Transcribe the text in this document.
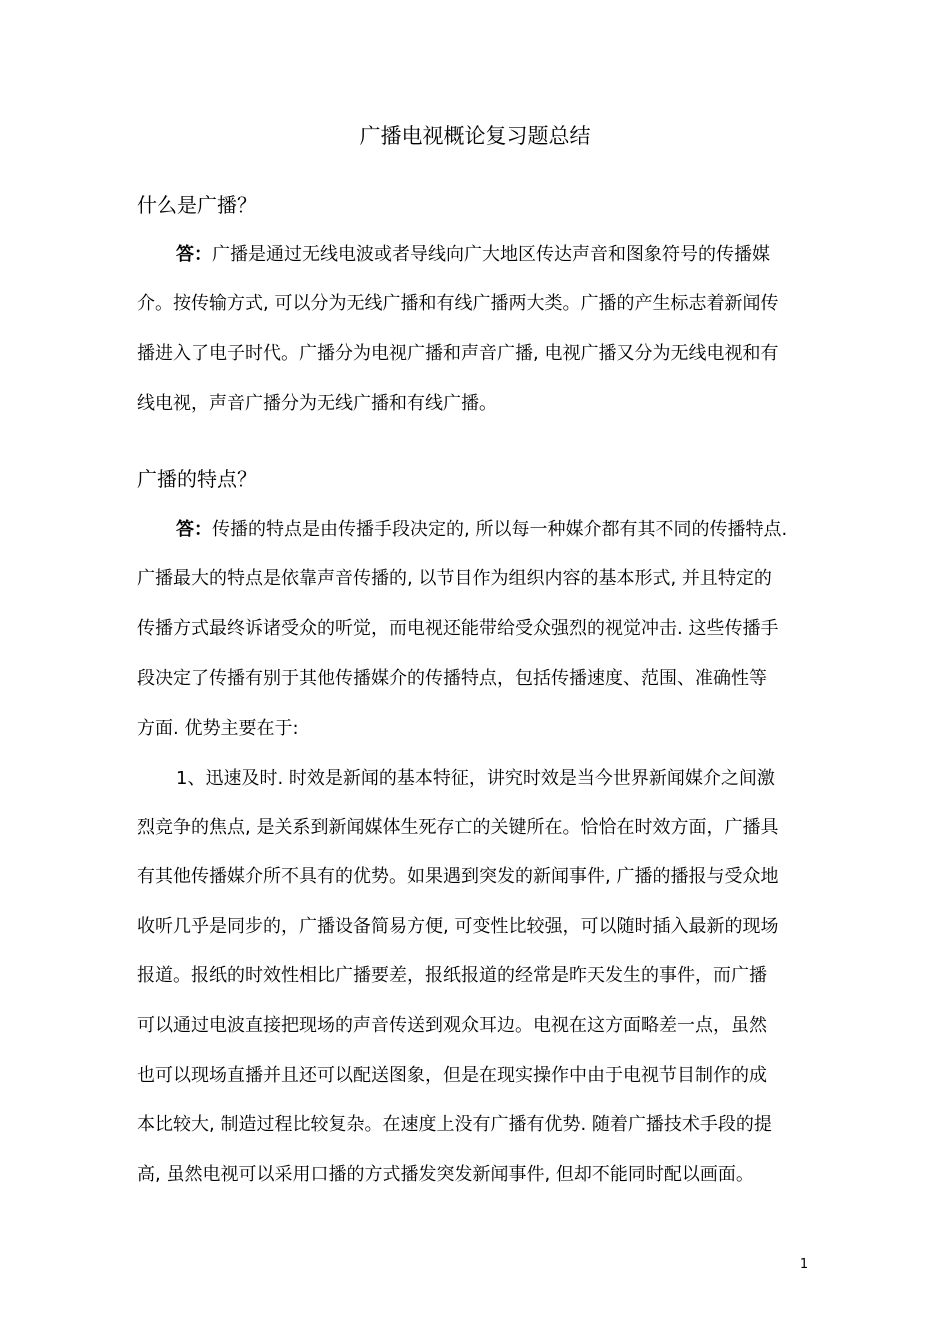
广播电视概论复习题总结
什么是广播？

答：广播是通过无线电波或者导线向广大地区传达声音和图象符号的传播媒

介。按传输方式, 可以分为无线广播和有线广播两大类。广播的产生标志着新闻传

播进入了电子时代。广播分为电视广播和声音广播, 电视广播又分为无线电视和有

线电视，声音广播分为无线广播和有线广播。

广播的特点？

答：传播的特点是由传播手段决定的, 所以每一种媒介都有其不同的传播特点.

广播最大的特点是依靠声音传播的, 以节目作为组织内容的基本形式, 并且特定的

传播方式最终诉诸受众的听觉，而电视还能带给受众强烈的视觉冲击. 这些传播手

段决定了传播有别于其他传播媒介的传播特点，包括传播速度、范围、准确性等

方面. 优势主要在于:

1、迅速及时. 时效是新闻的基本特征，讲究时效是当今世界新闻媒介之间激

烈竞争的焦点, 是关系到新闻媒体生死存亡的关键所在。恰恰在时效方面，广播具

有其他传播媒介所不具有的优势。如果遇到突发的新闻事件, 广播的播报与受众地

收听几乎是同步的，广播设备简易方便, 可变性比较强，可以随时插入最新的现场

报道。报纸的时效性相比广播要差，报纸报道的经常是昨天发生的事件，而广播

可以通过电波直接把现场的声音传送到观众耳边。电视在这方面略差一点，虽然

也可以现场直播并且还可以配送图象，但是在现实操作中由于电视节目制作的成

本比较大, 制造过程比较复杂。在速度上没有广播有优势. 随着广播技术手段的提

高, 虽然电视可以采用口播的方式播发突发新闻事件, 但却不能同时配以画面。

1
